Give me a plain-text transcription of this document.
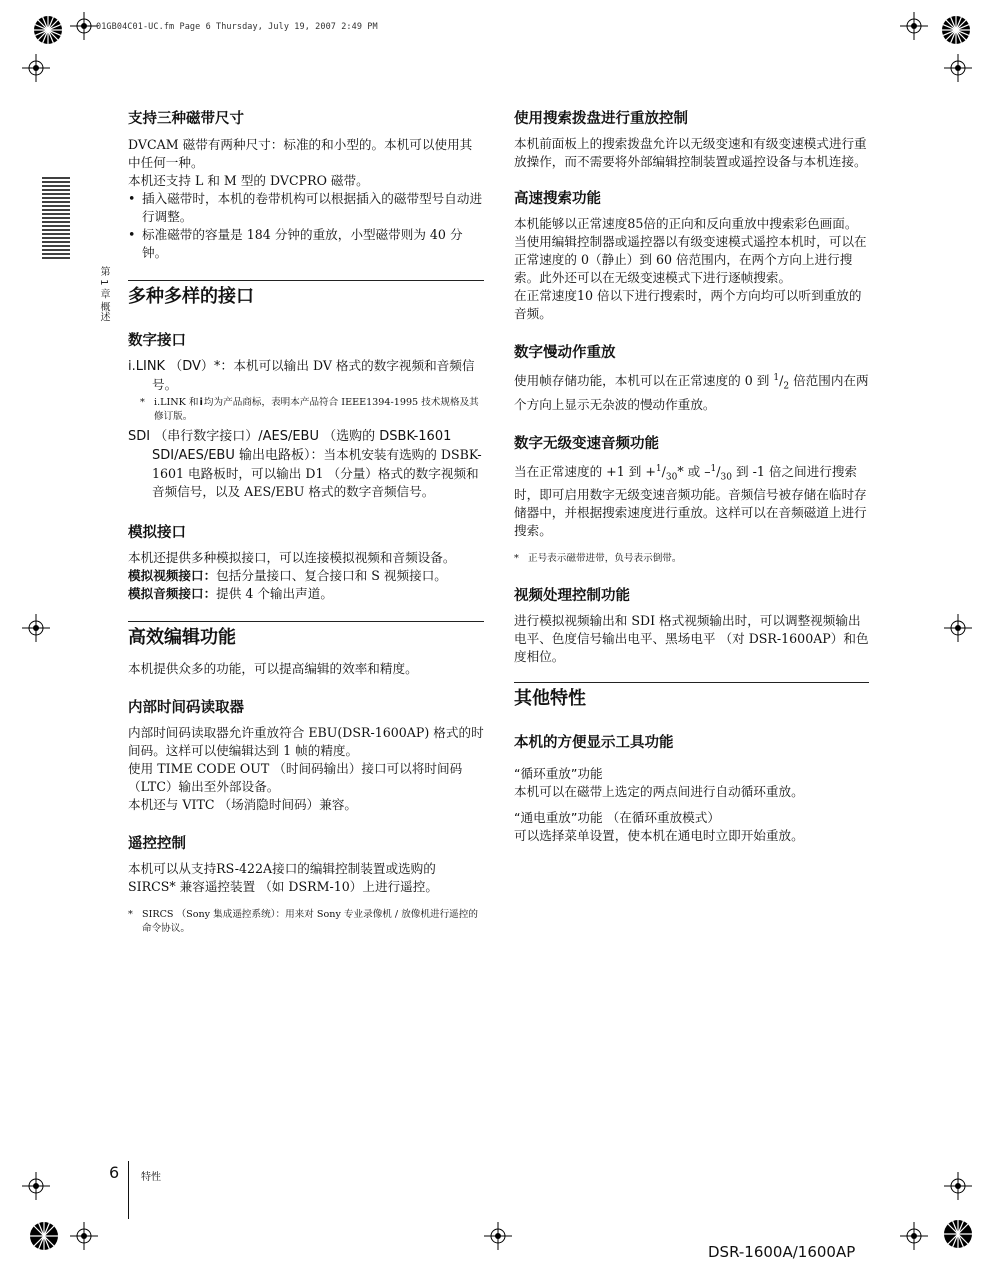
01GB04C01-UC.fm Page 6 Thursday, July 19, 2007 2:49 PM
第 1 章 概述
支持三种磁带尺寸

DVCAM 磁带有两种尺寸：标准的和小型的。本机可以使用其中任何一种。

本机还支持 L 和 M 型的 DVCPRO 磁带。

• 插入磁带时，本机的卷带机构可以根据插入的磁带型号自动进行调整。

• 标准磁带的容量是 184 分钟的重放，小型磁带则为 40 分钟。

多种多样的接口
数字接口

i.LINK （DV）*：本机可以输出 DV 格式的数字视频和音频信号。

* i.LINK 和i均为产品商标，表明本产品符合 IEEE1394-1995 技术规格及其修订版。

SDI （串行数字接口）/AES/EBU （选购的 DSBK-1601 SDI/AES/EBU 输出电路板）：当本机安装有选购的 DSBK-1601 电路板时，可以输出 D1 （分量）格式的数字视频和音频信号，以及 AES/EBU 格式的数字音频信号。

模拟接口

本机还提供多种模拟接口，可以连接模拟视频和音频设备。

模拟视频接口：包括分量接口、复合接口和 S 视频接口。

模拟音频接口：提供 4 个输出声道。

高效编辑功能

本机提供众多的功能，可以提高编辑的效率和精度。

内部时间码读取器

内部时间码读取器允许重放符合 EBU(DSR-1600AP) 格式的时间码。这样可以使编辑达到 1 帧的精度。

使用 TIME CODE OUT （时间码输出）接口可以将时间码 （LTC）输出至外部设备。

本机还与 VITC （场消隐时间码）兼容。

遥控控制

本机可以从支持RS-422A接口的编辑控制装置或选购的 SIRCS* 兼容遥控装置 （如 DSRM-10）上进行遥控。

* SIRCS （Sony 集成遥控系统）：用来对 Sony 专业录像机 / 放像机进行遥控的命令协议。

使用搜索拨盘进行重放控制

本机前面板上的搜索拨盘允许以无级变速和有级变速模式进行重放操作，而不需要将外部编辑控制装置或遥控设备与本机连接。

高速搜索功能

本机能够以正常速度85倍的正向和反向重放中搜索彩色画面。

当使用编辑控制器或遥控器以有级变速模式遥控本机时，可以在正常速度的 0（静止）到 60 倍范围内，在两个方向上进行搜索。此外还可以在无级变速模式下进行逐帧搜索。

在正常速度10 倍以下进行搜索时，两个方向均可以听到重放的音频。

数字慢动作重放

使用帧存储功能，本机可以在正常速度的 0 到 $^1/_2$ 倍范围内在两个方向上显示无杂波的慢动作重放。

数字无级变速音频功能

当在正常速度的 +1 到 $+^1/_{30}*$ 或 $-^1/_{30}$ 到 -1 倍之间进行搜索时，即可启用数字无级变速音频功能。音频信号被存储在临时存储器中，并根据搜索速度进行重放。这样可以在音频磁道上进行搜索。

* 正号表示磁带进带，负号表示倒带。

视频处理控制功能

进行模拟视频输出和 SDI 格式视频输出时，可以调整视频输出电平、色度信号输出电平、黑场电平 （对 DSR-1600AP）和色度相位。

其他特性
本机的方便显示工具功能

“循环重放”功能

本机可以在磁带上选定的两点间进行自动循环重放。

“通电重放”功能 （在循环重放模式）

可以选择菜单设置，使本机在通电时立即开始重放。

6 特性
DSR-1600A/1600AP
